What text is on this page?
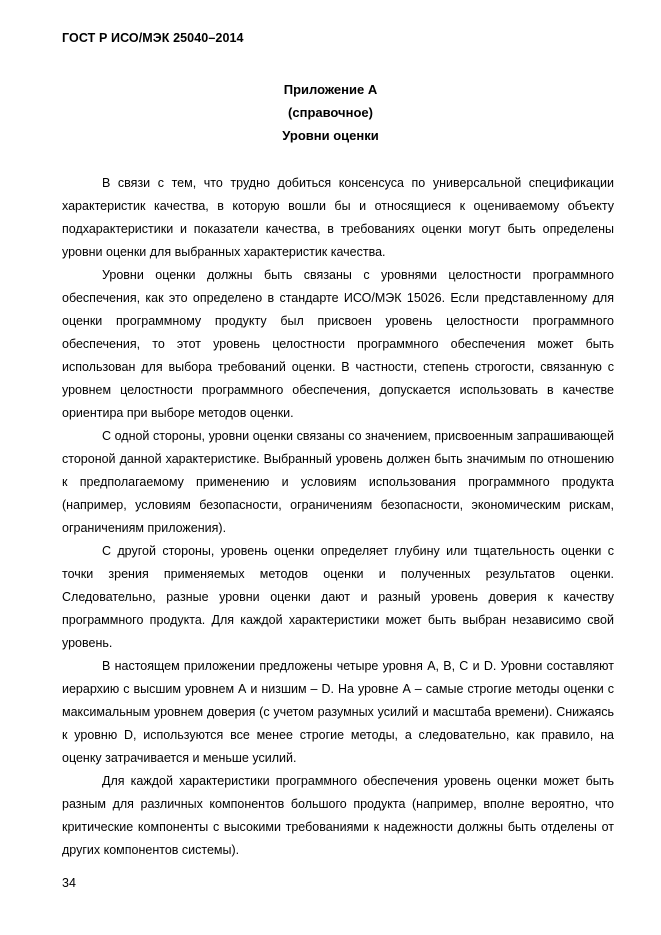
ГОСТ Р ИСО/МЭК 25040–2014
Приложение А
(справочное)
Уровни оценки

В связи с тем, что трудно добиться консенсуса по универсальной спецификации характеристик качества, в которую вошли бы и относящиеся к оцениваемому объекту подхарактеристики и показатели качества, в требованиях оценки могут быть определены уровни оценки для выбранных характеристик качества.

Уровни оценки должны быть связаны с уровнями целостности программного обеспечения, как это определено в стандарте ИСО/МЭК 15026. Если представленному для оценки программному продукту был присвоен уровень целостности программного обеспечения, то этот уровень целостности программного обеспечения может быть использован для выбора требований оценки. В частности, степень строгости, связанную с уровнем целостности программного обеспечения, допускается использовать в качестве ориентира при выборе методов оценки.

С одной стороны, уровни оценки связаны со значением, присвоенным запрашивающей стороной данной характеристике. Выбранный уровень должен быть значимым по отношению к предполагаемому применению и условиям использования программного продукта (например, условиям безопасности, ограничениям безопасности, экономическим рискам, ограничениям приложения).

С другой стороны, уровень оценки определяет глубину или тщательность оценки с точки зрения применяемых методов оценки и полученных результатов оценки. Следовательно, разные уровни оценки дают и разный уровень доверия к качеству программного продукта. Для каждой характеристики может быть выбран независимо свой уровень.

В настоящем приложении предложены четыре уровня A, B, C и D. Уровни составляют иерархию с высшим уровнем А и низшим – D. На уровне А – самые строгие методы оценки с максимальным уровнем доверия (с учетом разумных усилий и масштаба времени). Снижаясь к уровню D, используются все менее строгие методы, а следовательно, как правило, на оценку затрачивается и меньше усилий.

Для каждой характеристики программного обеспечения уровень оценки может быть разным для различных компонентов большого продукта (например, вполне вероятно, что критические компоненты с высокими требованиями к надежности должны быть отделены от других компонентов системы).

34
